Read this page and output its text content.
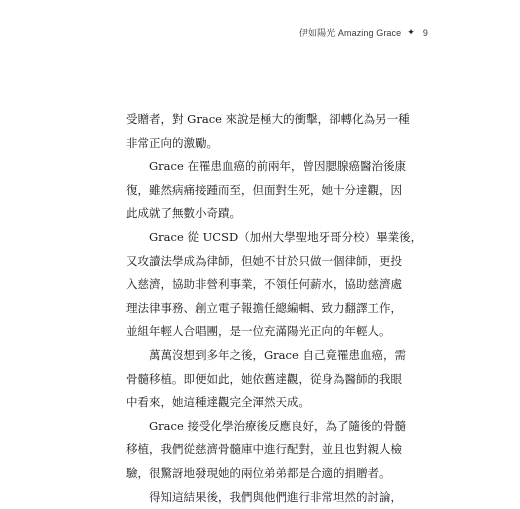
伊如陽光 Amazing Grace ✦ 9
受贈者，對 Grace 來說是極大的衝擊，卻轉化為另一種
非常正向的激勵。
Grace 在罹患血癌的前兩年，曾因腮腺癌醫治後康
復，雖然病痛接踵而至，但面對生死，她十分達觀，因
此成就了無數小奇蹟。
Grace 從 UCSD（加州大學聖地牙哥分校）畢業後，
又攻讀法學成為律師，但她不甘於只做一個律師，更投
入慈濟，協助非營利事業，不領任何薪水，協助慈濟處
理法律事務、創立電子報擔任總編輯、致力翻譯工作，
並組年輕人合唱團，是一位充滿陽光正向的年輕人。
萬萬沒想到多年之後，Grace 自己竟罹患血癌，需
骨髓移植。即便如此，她依舊達觀，從身為醫師的我眼
中看來，她這種達觀完全渾然天成。
Grace 接受化學治療後反應良好，為了隨後的骨髓
移植，我們從慈濟骨髓庫中進行配對，並且也對親人檢
驗，很驚訝地發現她的兩位弟弟都是合適的捐贈者。
得知這結果後，我們與他們進行非常坦然的討論，
